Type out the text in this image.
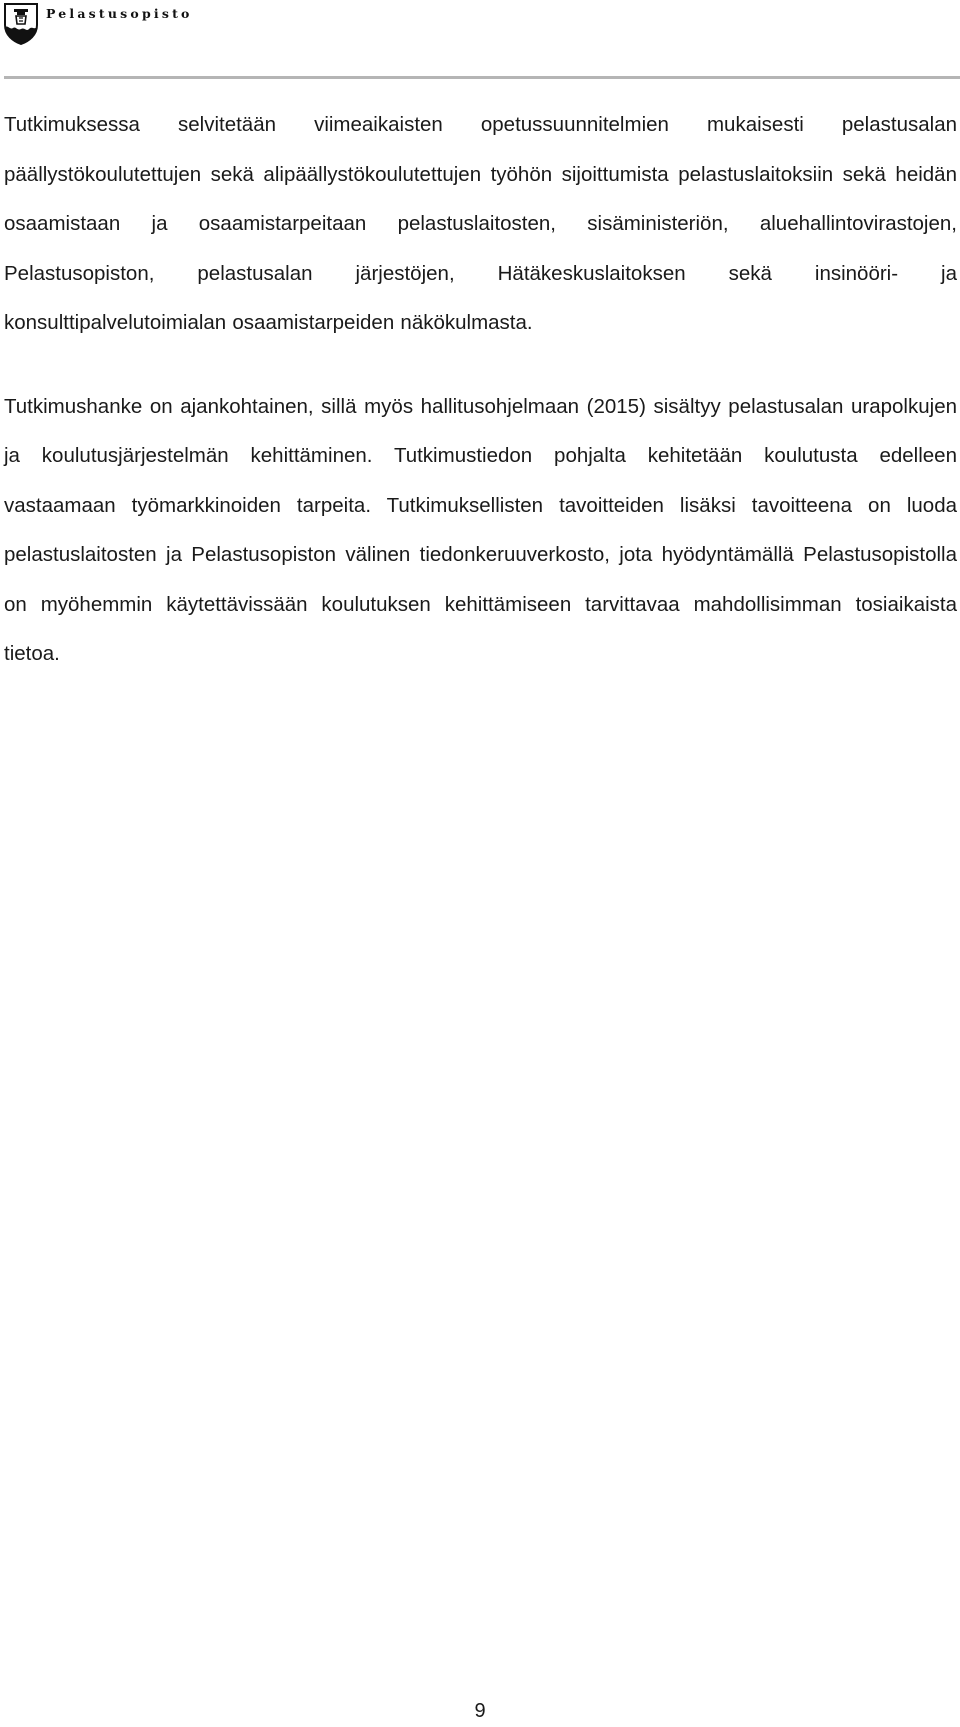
Pelastusopisto

Tutkimuksessa selvitetään viimeaikaisten opetussuunnitelmien mukaisesti pelastusalan päällystökoulutettujen sekä alipäällystökoulutettujen työhön sijoittumista pelastuslaitoksiin sekä heidän osaamistaan ja osaamistarpeitaan pelastuslaitosten, sisäministeriön, aluehallintovirastojen, Pelastusopiston, pelastusalan järjestöjen, Hätäkeskuslaitoksen sekä insinööri- ja konsulttipalvelutoimialan osaamistarpeiden näkökulmasta.

Tutkimushanke on ajankohtainen, sillä myös hallitusohjelmaan (2015) sisältyy pelastusalan urapolkujen ja koulutusjärjestelmän kehittäminen. Tutkimustiedon pohjalta kehitetään koulutusta edelleen vastaamaan työmarkkinoiden tarpeita. Tutkimuksellisten tavoitteiden lisäksi tavoitteena on luoda pelastuslaitosten ja Pelastusopiston välinen tiedonkeruuverkosto, jota hyödyntämällä Pelastusopistolla on myöhemmin käytettävissään koulutuksen kehittämiseen tarvittavaa mahdollisimman tosiaikaista tietoa.

9
